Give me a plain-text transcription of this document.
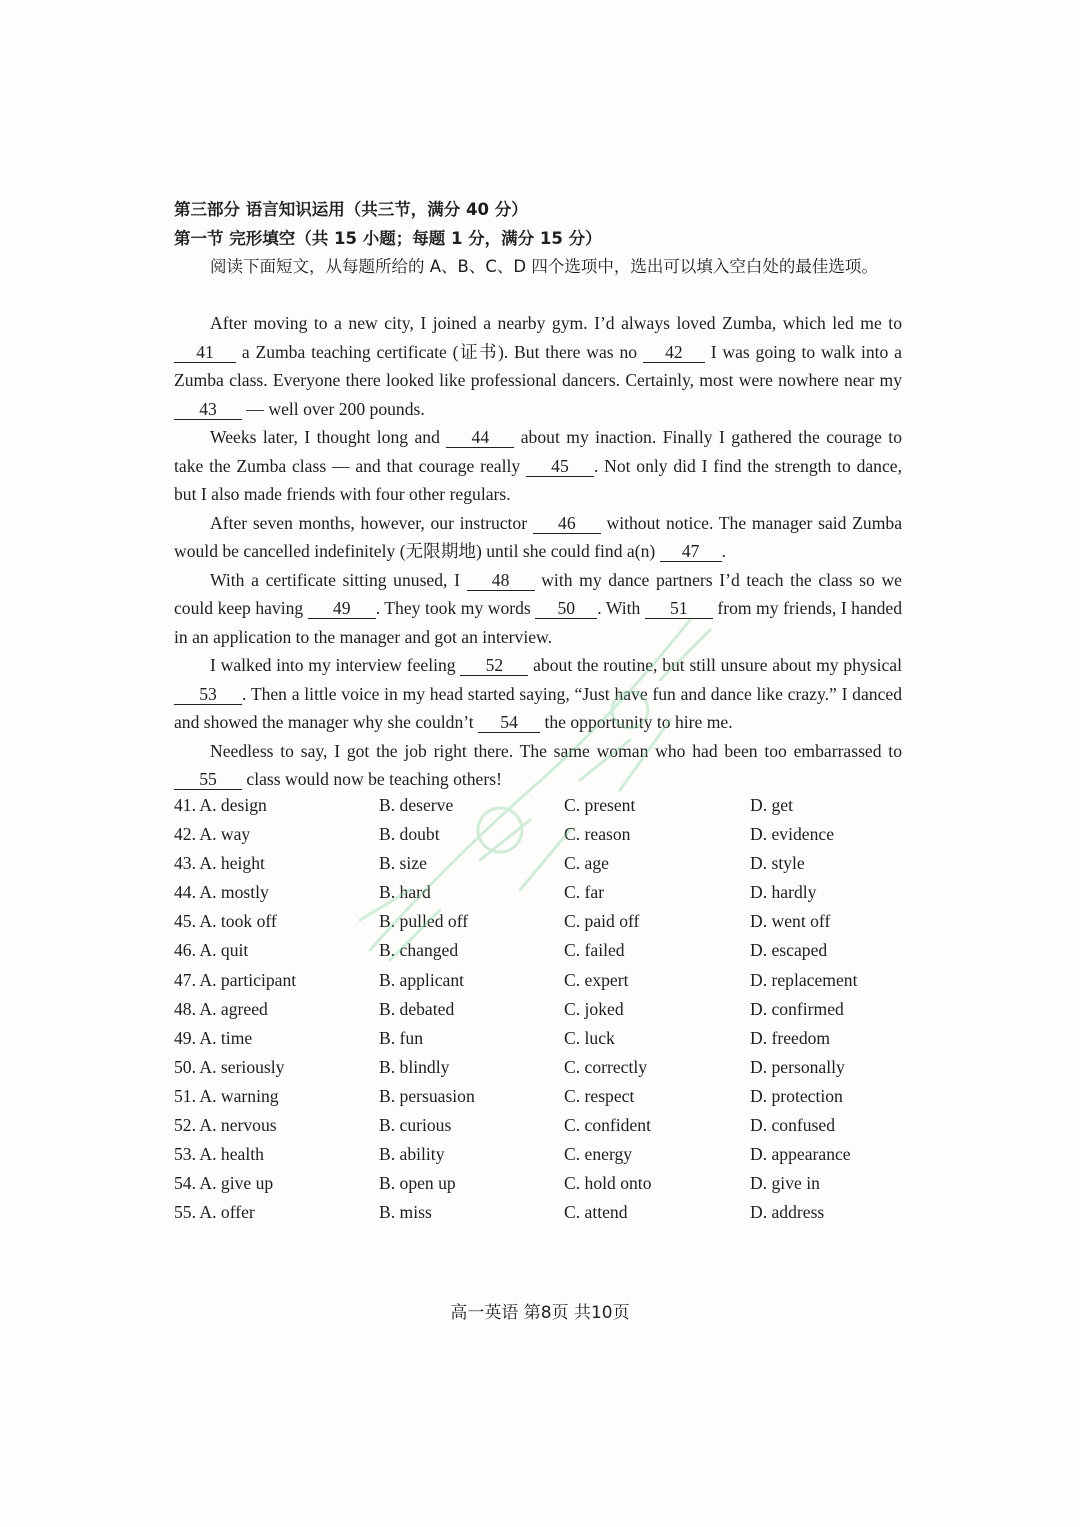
第三部分 语言知识运用（共三节，满分 40 分）
第一节 完形填空（共 15 小题；每题 1 分，满分 15 分）
阅读下面短文，从每题所给的 A、B、C、D 四个选项中，选出可以填入空白处的最佳选项。

After moving to a new city, I joined a nearby gym. I’d always loved Zumba, which led me to 41 a Zumba teaching certificate (证书). But there was no 42 I was going to walk into a Zumba class. Everyone there looked like professional dancers. Certainly, most were nowhere near my 43 — well over 200 pounds.

Weeks later, I thought long and 44 about my inaction. Finally I gathered the courage to take the Zumba class — and that courage really 45 . Not only did I find the strength to dance, but I also made friends with four other regulars.

After seven months, however, our instructor 46 without notice. The manager said Zumba would be cancelled indefinitely (无限期地) until she could find a(n) 47 .

With a certificate sitting unused, I 48 with my dance partners I’d teach the class so we could keep having 49 . They took my words 50 . With 51 from my friends, I handed in an application to the manager and got an interview.

I walked into my interview feeling 52 about the routine, but still unsure about my physical 53 . Then a little voice in my head started saying, “Just have fun and dance like crazy.” I danced and showed the manager why she couldn’t 54 the opportunity to hire me.

Needless to say, I got the job right there. The same woman who had been too embarrassed to 55 class would now be teaching others!

41. A. design	B. deserve	C. present	D. get
42. A. way	B. doubt	C. reason	D. evidence
43. A. height	B. size	C. age	D. style
44. A. mostly	B. hard	C. far	D. hardly
45. A. took off	B. pulled off	C. paid off	D. went off
46. A. quit	B. changed	C. failed	D. escaped
47. A. participant	B. applicant	C. expert	D. replacement
48. A. agreed	B. debated	C. joked	D. confirmed
49. A. time	B. fun	C. luck	D. freedom
50. A. seriously	B. blindly	C. correctly	D. personally
51. A. warning	B. persuasion	C. respect	D. protection
52. A. nervous	B. curious	C. confident	D. confused
53. A. health	B. ability	C. energy	D. appearance
54. A. give up	B. open up	C. hold onto	D. give in
55. A. offer	B. miss	C. attend	D. address
高一英语 第8页 共10页
